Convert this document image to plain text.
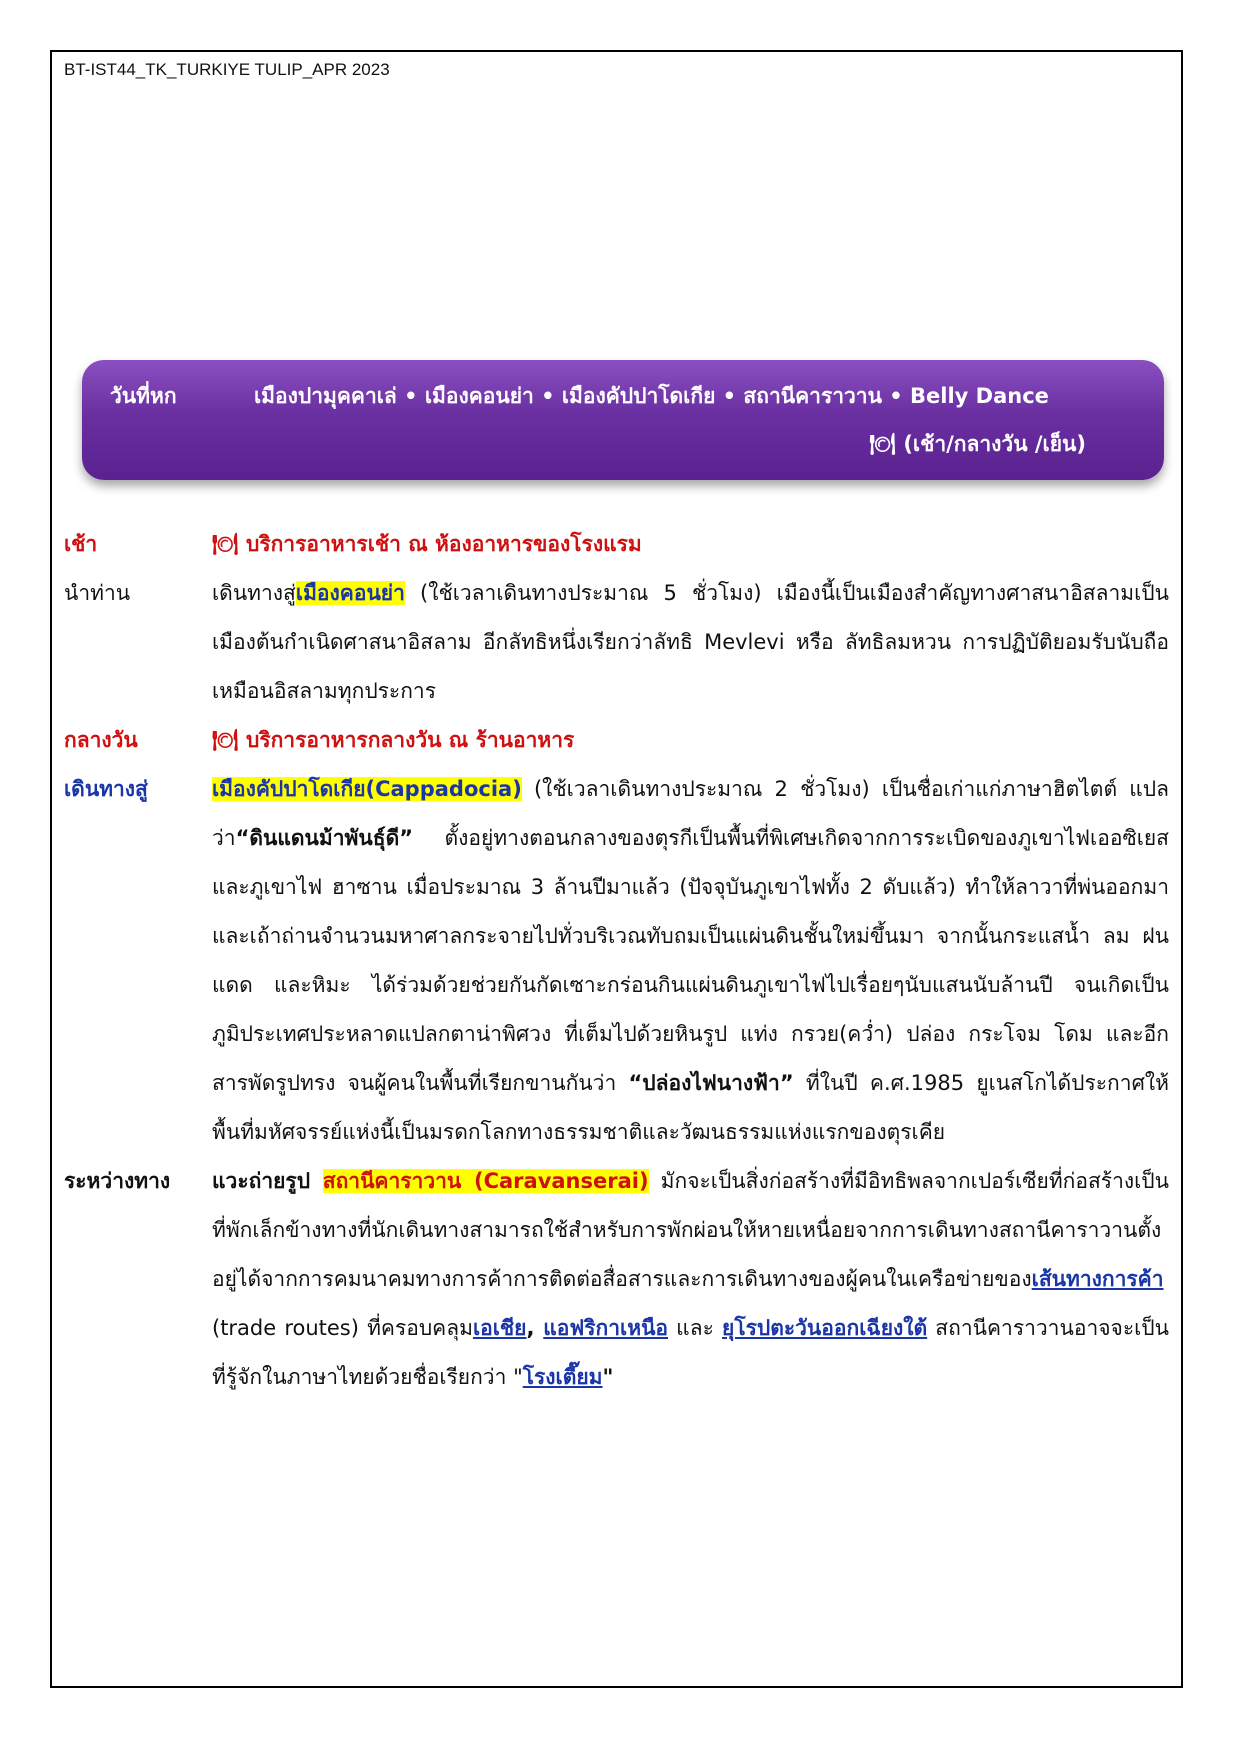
BT-IST44_TK_TURKIYE TULIP_APR 2023
วันที่หก	เมืองปามุคคาเล่ • เมืองคอนย่า • เมืองคัปปาโดเกีย • สถานีคาราวาน • Belly Dance
🍽 (เช้า/กลางวัน /เย็น)
เช้า	🍽 บริการอาหารเช้า ณ ห้องอาหารของโรงแรม
นำท่าน	เดินทางสู่เมืองคอนย่า (ใช้เวลาเดินทางประมาณ 5 ชั่วโมง) เมืองนี้เป็นเมืองสำคัญทางศาสนาอิสลามเป็นเมืองต้นกำเนิดศาสนาอิสลาม อีกลัทธิหนึ่งเรียกว่าลัทธิ Mevlevi หรือ ลัทธิลมหวน การปฏิบัติยอมรับนับถือเหมือนอิสลามทุกประการ
กลางวัน	🍽 บริการอาหารกลางวัน ณ ร้านอาหาร
เดินทางสู่	เมืองคัปปาโดเกีย(Cappadocia) (ใช้เวลาเดินทางประมาณ 2 ชั่วโมง) เป็นชื่อเก่าแก่ภาษาฮิตไตต์ แปลว่า“ดินแดนม้าพันธุ์ดี” ตั้งอยู่ทางตอนกลางของตุรกีเป็นพื้นที่พิเศษเกิดจากการระเบิดของภูเขาไฟเออซิเยส และภูเขาไฟ ฮาซาน เมื่อประมาณ 3 ล้านปีมาแล้ว (ปัจจุบันภูเขาไฟทั้ง 2 ดับแล้ว) ทำให้ลาวาที่พ่นออกมาและเถ้าถ่านจำนวนมหาศาลกระจายไปทั่วบริเวณทับถมเป็นแผ่นดินชั้นใหม่ขึ้นมา จากนั้นกระแสน้ำ ลม ฝน แดด และหิมะ ได้ร่วมด้วยช่วยกันกัดเซาะกร่อนกินแผ่นดินภูเขาไฟไปเรื่อยๆนับแสนนับล้านปี จนเกิดเป็นภูมิประเทศประหลาดแปลกตาน่าพิศวง ที่เต็มไปด้วยหินรูป แท่ง กรวย(คว่ำ) ปล่อง กระโจม โดม และอีกสารพัดรูปทรง จนผู้คนในพื้นที่เรียกขานกันว่า “ปล่องไฟนางฟ้า” ที่ในปี ค.ศ.1985 ยูเนสโกได้ประกาศให้พื้นที่มหัศจรรย์แห่งนี้เป็นมรดกโลกทางธรรมชาติและวัฒนธรรมแห่งแรกของตุรเคีย
ระหว่างทาง	แวะถ่ายรูป สถานีคาราวาน (Caravanserai) มักจะเป็นสิ่งก่อสร้างที่มีอิทธิพลจากเปอร์เซียที่ก่อสร้างเป็นที่พักเล็กข้างทางที่นักเดินทางสามารถใช้สำหรับการพักผ่อนให้หายเหนื่อยจากการเดินทางสถานีคาราวานตั้งอยู่ได้จากการคมนาคมทางการค้าการติดต่อสื่อสารและการเดินทางของผู้คนในเครือข่ายของเส้นทางการค้า (trade routes) ที่ครอบคลุมเอเชีย, แอฟริกาเหนือ และ ยุโรปตะวันออกเฉียงใต้ สถานีคาราวานอาจจะเป็นที่รู้จักในภาษาไทยด้วยชื่อเรียกว่า "โรงเตี๊ยม"
